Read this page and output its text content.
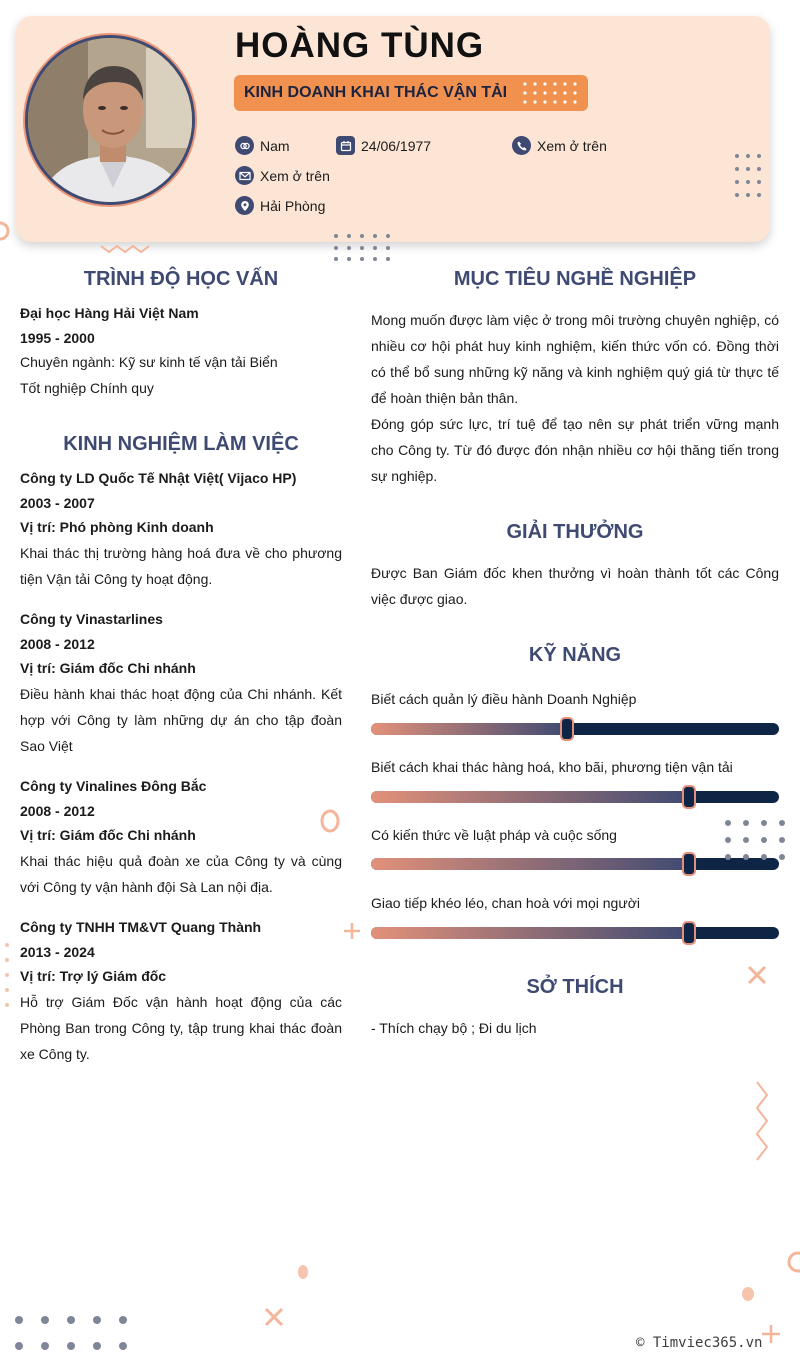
HOÀNG TÙNG
KINH DOANH KHAI THÁC VẬN TẢI
Nam	24/06/1977	Xem ở trên
Xem ở trên
Hải Phòng
TRÌNH ĐỘ HỌC VẤN
Đại học Hàng Hải Việt Nam
1995 - 2000
Chuyên ngành: Kỹ sư kinh tế vận tải Biển
Tốt nghiệp Chính quy
KINH NGHIỆM LÀM VIỆC
Công ty LD Quốc Tế Nhật Việt( Vijaco HP)
2003 - 2007
Vị trí: Phó phòng Kinh doanh
Khai thác thị trường hàng hoá đưa về cho phương tiện Vận tải Công ty hoạt động.
Công ty Vinastarlines
2008 - 2012
Vị trí: Giám đốc Chi nhánh
Điều hành khai thác hoạt động của Chi nhánh. Kết hợp với Công ty làm những dự án cho tập đoàn Sao Việt
Công ty Vinalines Đông Bắc
2008 - 2012
Vị trí: Giám đốc Chi nhánh
Khai thác hiệu quả đoàn xe của Công ty và cùng với Công ty vận hành đội Sà Lan nội địa.
Công ty TNHH TM&VT Quang Thành
2013 - 2024
Vị trí: Trợ lý Giám đốc
Hỗ trợ Giám Đốc vận hành hoạt động của các Phòng Ban trong Công ty, tập trung khai thác đoàn xe Công ty.
MỤC TIÊU NGHỀ NGHIỆP
Mong muốn được làm việc ở trong môi trường chuyên nghiệp, có nhiều cơ hội phát huy kinh nghiệm, kiến thức vốn có. Đồng thời có thể bổ sung những kỹ năng và kinh nghiệm quý giá từ thực tế để hoàn thiện bản thân.
Đóng góp sức lực, trí tuệ để tạo nên sự phát triển vững mạnh cho Công ty. Từ đó được đón nhận nhiều cơ hội thăng tiến trong sự nghiệp.
GIẢI THƯỞNG
Được Ban Giám đốc khen thưởng vì hoàn thành tốt các Công việc được giao.
KỸ NĂNG
Biết cách quản lý điều hành Doanh Nghiệp
Biết cách khai thác hàng hoá, kho bãi, phương tiện vận tải
Có kiến thức về luật pháp và cuộc sống
Giao tiếp khéo léo, chan hoà với mọi người
SỞ THÍCH
- Thích chạy bộ ; Đi du lịch
© Timviec365.vn
